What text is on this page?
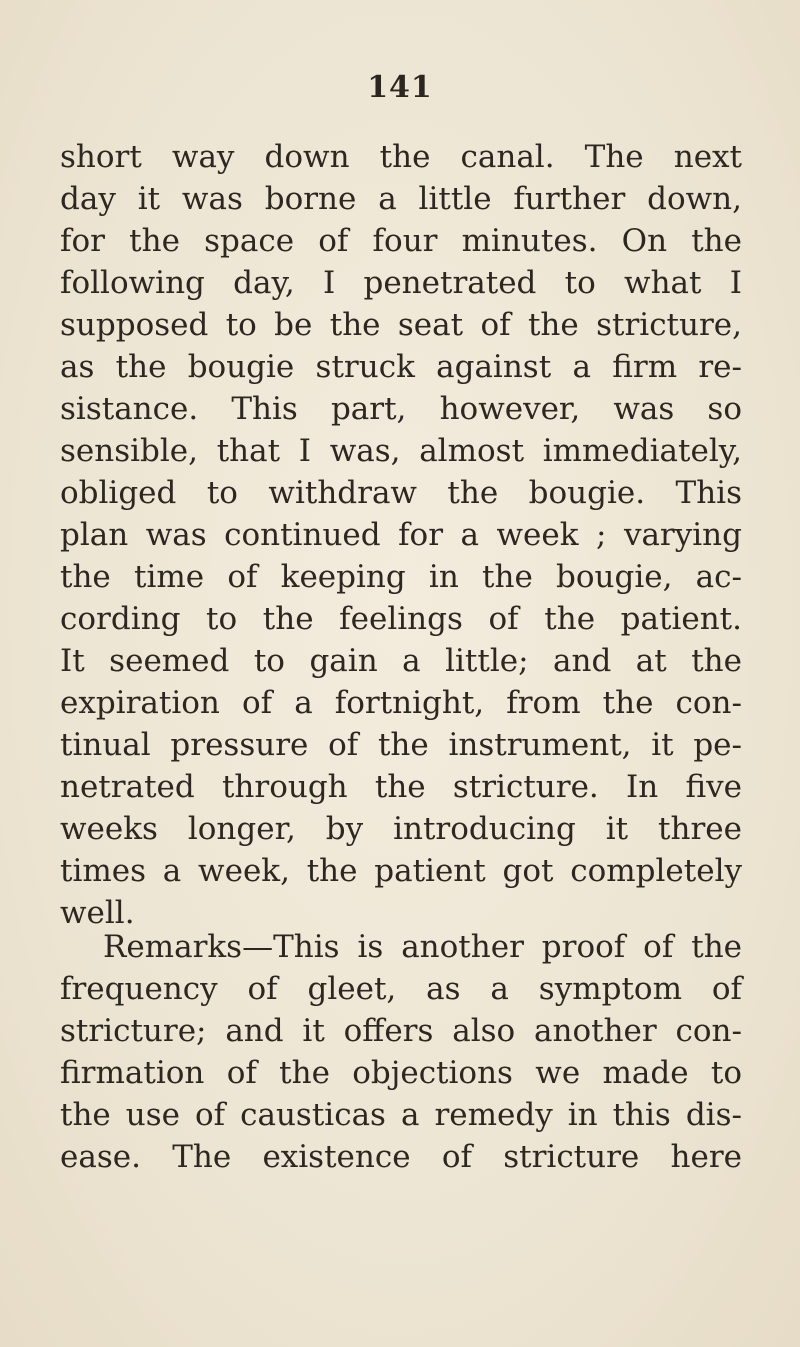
141
short way down the canal. The next
day it was borne a little further down,
for the space of four minutes. On the
following day, I penetrated to what I
supposed to be the seat of the stricture,
as the bougie struck against a firm re-
sistance. This part, however, was so
sensible, that I was, almost immediately,
obliged to withdraw the bougie. This
plan was continued for a week ; varying
the time of keeping in the bougie, ac-
cording to the feelings of the patient.
It seemed to gain a little; and at the
expiration of a fortnight, from the con-
tinual pressure of the instrument, it pe-
netrated through the stricture. In five
weeks longer, by introducing it three
times a week, the patient got completely
well.
Remarks—This is another proof of the
frequency of gleet, as a symptom of
stricture; and it offers also another con-
firmation of the objections we made to
the use of causticas a remedy in this dis-
ease. The existence of stricture here
